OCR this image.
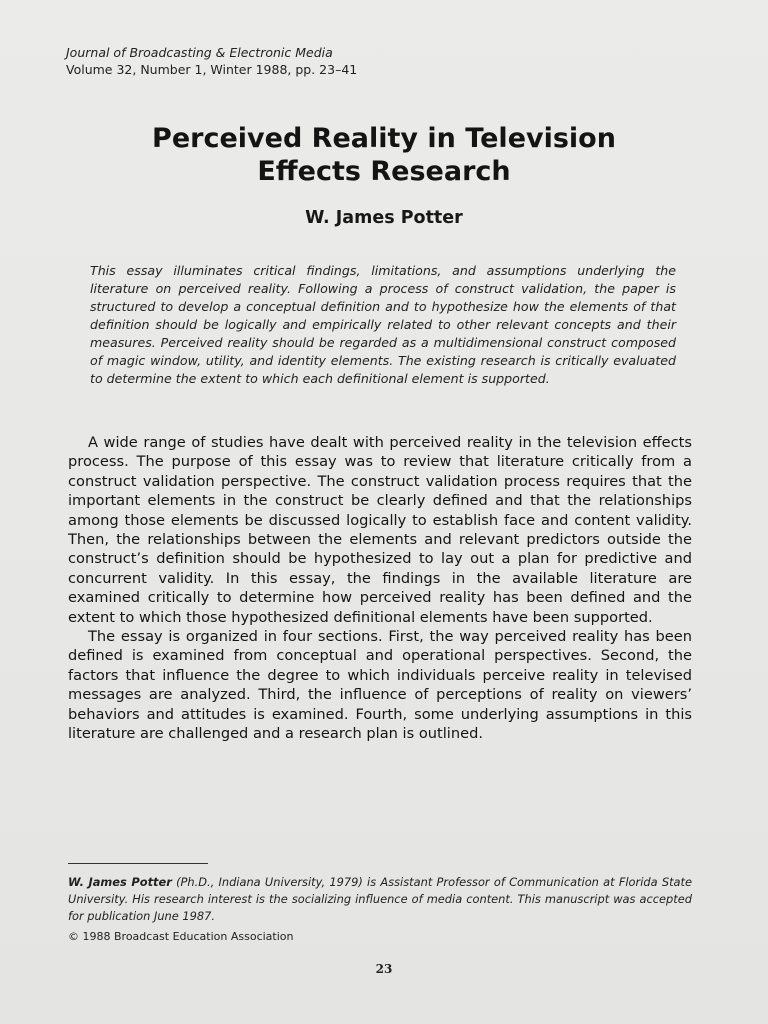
Journal of Broadcasting & Electronic Media
Volume 32, Number 1, Winter 1988, pp. 23–41
Perceived Reality in Television
Effects Research
W. James Potter

This essay illuminates critical findings, limitations, and assumptions underlying the literature on perceived reality. Following a process of construct validation, the paper is structured to develop a conceptual definition and to hypothesize how the elements of that definition should be logically and empirically related to other relevant concepts and their measures. Perceived reality should be regarded as a multidimensional construct composed of magic window, utility, and identity elements. The existing research is critically evaluated to determine the extent to which each definitional element is supported.

A wide range of studies have dealt with perceived reality in the television effects process. The purpose of this essay was to review that literature critically from a construct validation perspective. The construct validation process requires that the important elements in the construct be clearly defined and that the relationships among those elements be discussed logically to establish face and content validity. Then, the relationships between the elements and relevant predictors outside the construct’s definition should be hypothesized to lay out a plan for predictive and concurrent validity. In this essay, the findings in the available literature are examined critically to determine how perceived reality has been defined and the extent to which those hypothesized definitional elements have been supported.

The essay is organized in four sections. First, the way perceived reality has been defined is examined from conceptual and operational perspectives. Second, the factors that influence the degree to which individuals perceive reality in televised messages are analyzed. Third, the influence of perceptions of reality on viewers’ behaviors and attitudes is examined. Fourth, some underlying assumptions in this literature are challenged and a research plan is outlined.

W. James Potter (Ph.D., Indiana University, 1979) is Assistant Professor of Communication at Florida State University. His research interest is the socializing influence of media content. This manuscript was accepted for publication June 1987.

© 1988 Broadcast Education Association
23
